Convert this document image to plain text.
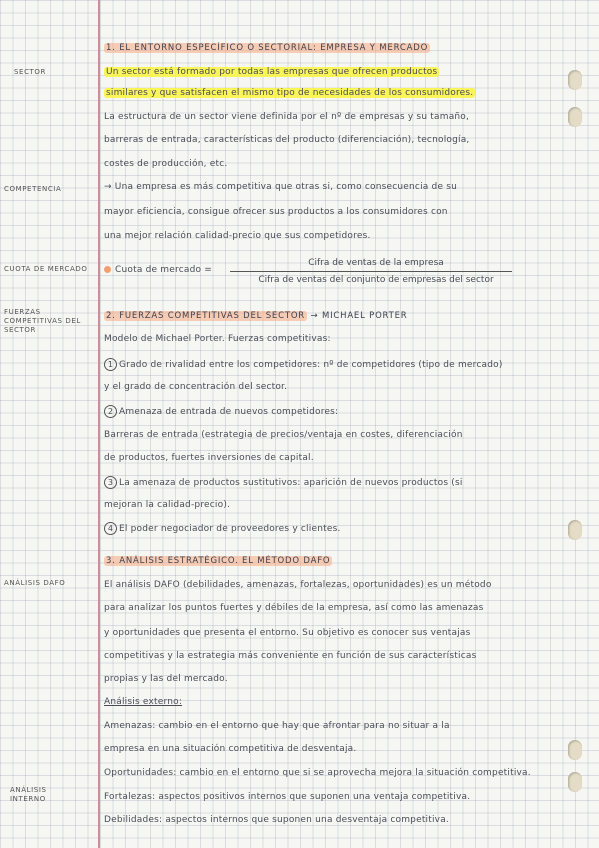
SECTOR
COMPETENCIA
CUOTA DE MERCADO
FUERZAS COMPETITIVAS DEL SECTOR
ANÁLISIS DAFO
ANÁLISIS INTERNO
1. EL ENTORNO ESPECÍFICO O SECTORIAL: EMPRESA Y MERCADO
Un sector está formado por todas las empresas que ofrecen productos
similares y que satisfacen el mismo tipo de necesidades de los consumidores.
La estructura de un sector viene definida por el nº de empresas y su tamaño,
barreras de entrada, características del producto (diferenciación), tecnología,
costes de producción, etc.
→ Una empresa es más competitiva que otras si, como consecuencia de su
mayor eficiencia, consigue ofrecer sus productos a los consumidores con
una mejor relación calidad-precio que sus competidores.
Cuota de mercado =
Cifra de ventas de la empresa
Cifra de ventas del conjunto de empresas del sector
2. FUERZAS COMPETITIVAS DEL SECTOR → MICHAEL PORTER
Modelo de Michael Porter. Fuerzas competitivas:
1 Grado de rivalidad entre los competidores: nº de competidores (tipo de mercado)
y el grado de concentración del sector.
2 Amenaza de entrada de nuevos competidores:
Barreras de entrada (estrategia de precios/ventaja en costes, diferenciación
de productos, fuertes inversiones de capital.
3 La amenaza de productos sustitutivos: aparición de nuevos productos (si
mejoran la calidad-precio).
4 El poder negociador de proveedores y clientes.
3. ANÁLISIS ESTRATÉGICO. EL MÉTODO DAFO
El análisis DAFO (debilidades, amenazas, fortalezas, oportunidades) es un método
para analizar los puntos fuertes y débiles de la empresa, así como las amenazas
y oportunidades que presenta el entorno. Su objetivo es conocer sus ventajas
competitivas y la estrategia más conveniente en función de sus características
propias y las del mercado.
Análisis externo:
Amenazas: cambio en el entorno que hay que afrontar para no situar a la
empresa en una situación competitiva de desventaja.
Oportunidades: cambio en el entorno que si se aprovecha mejora la situación competitiva.
Fortalezas: aspectos positivos internos que suponen una ventaja competitiva.
Debilidades: aspectos internos que suponen una desventaja competitiva.
